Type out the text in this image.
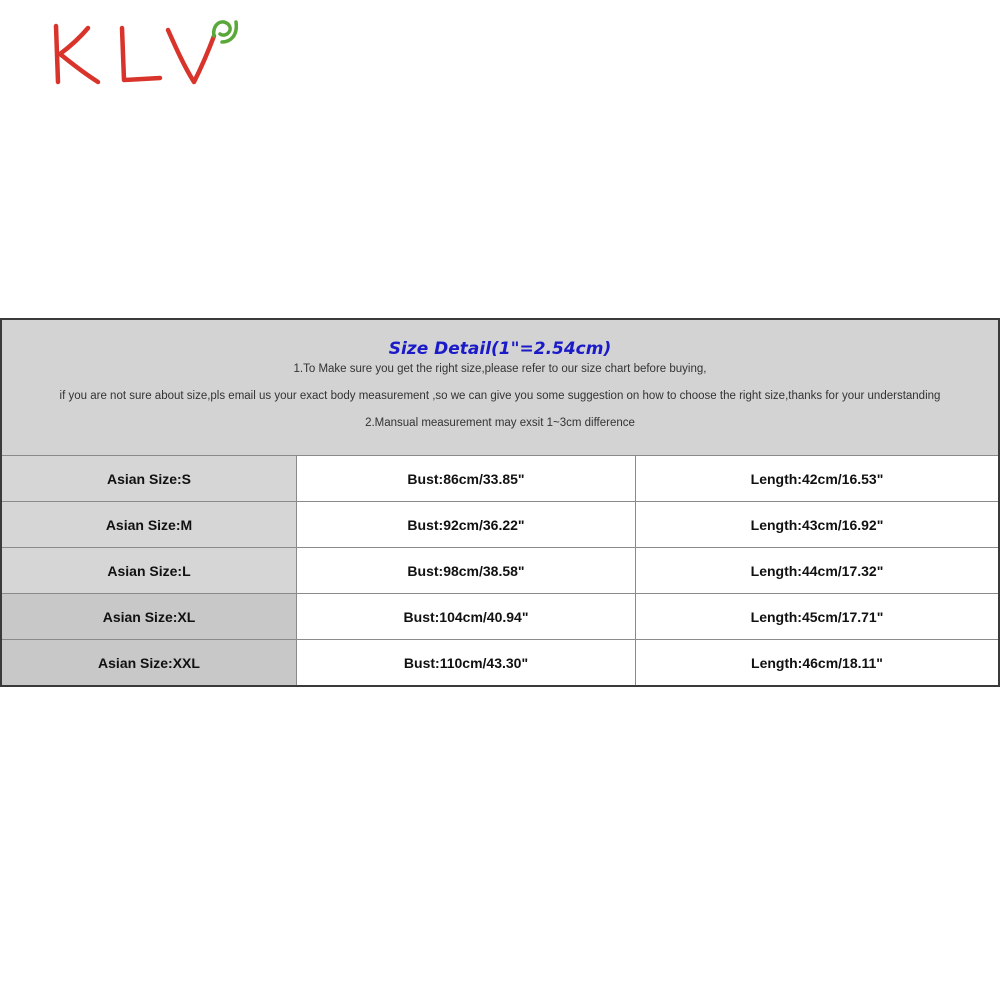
Size Detail(1"=2.54cm)
1.To Make sure you get the right size,please refer to our size chart before buying,
if you are not sure about size,pls email us your exact body measurement ,so we can give you some suggestion on how to choose the right size,thanks for your understanding
2.Mansual measurement may exsit 1~3cm difference
Asian Size:S	Bust:86cm/33.85"	Length:42cm/16.53"
Asian Size:M	Bust:92cm/36.22"	Length:43cm/16.92"
Asian Size:L	Bust:98cm/38.58"	Length:44cm/17.32"
Asian Size:XL	Bust:104cm/40.94"	Length:45cm/17.71"
Asian Size:XXL	Bust:110cm/43.30"	Length:46cm/18.11"
